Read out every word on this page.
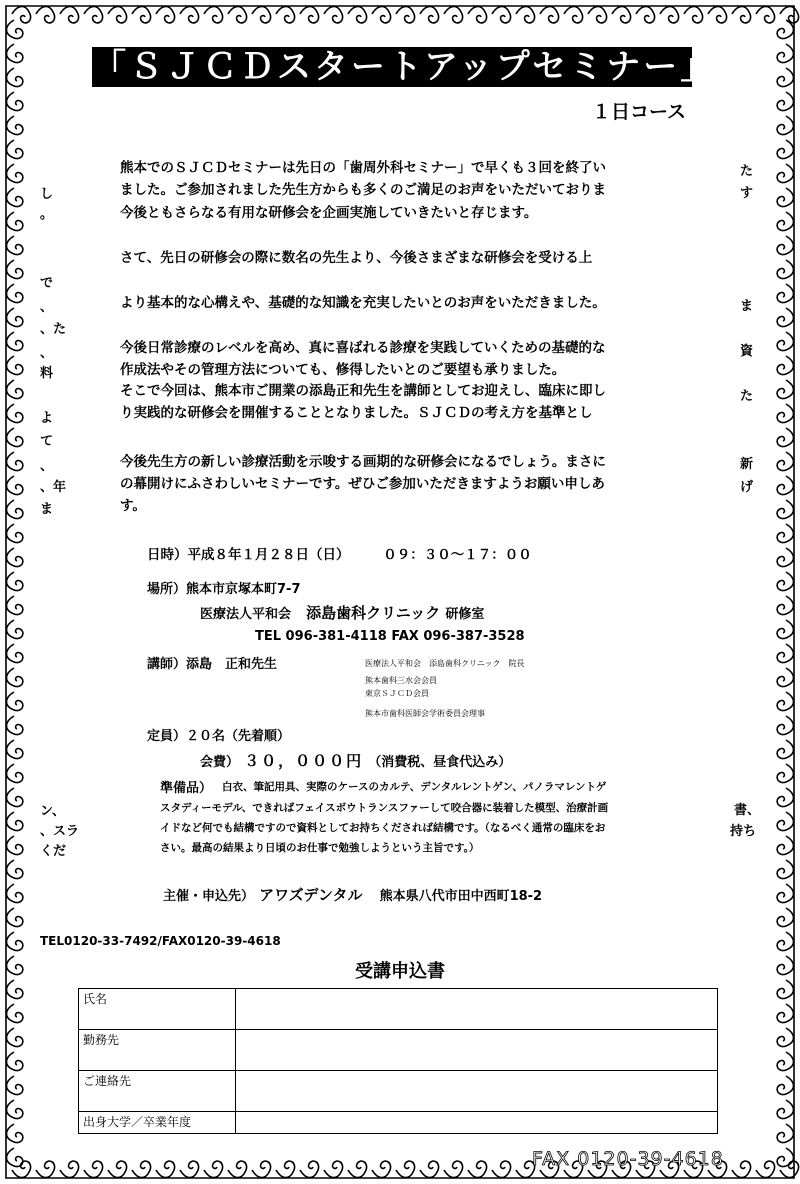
「ＳＪＣＤスタートアップセミナー」
１日コース

熊本でのＳＪＣＤセミナーは先日の「歯周外科セミナー」で早くも３回を終了い

ました。ご参加されました先生方からも多くのご満足のお声をいただいておりま

今後ともさらなる有用な研修会を企画実施していきたいと存じます。

さて、先日の研修会の際に数名の先生より、今後さまざまな研修会を受ける上

より基本的な心構えや、基礎的な知識を充実したいとのお声をいただきました。

今後日常診療のレベルを高め、真に喜ばれる診療を実践していくための基礎的な

作成法やその管理方法についても、修得したいとのご要望も承りました。

そこで今回は、熊本市ご開業の添島正和先生を講師としてお迎えし、臨床に即し

り実践的な研修会を開催することとなりました。ＳＪＣＤの考え方を基準とし

今後先生方の新しい診療活動を示唆する画期的な研修会になるでしょう。まさに

の幕開けにふさわしいセミナーです。ぜひご参加いただきますようお願い申しあ

す。

た
す
ま
資
た
新
げ
書、
持ち
し
。
で
、
、た
、
料
よ
て
、
、年
ま
ン、
、スラ
くだ
日時）平成８年１月２８日（日）　　　０９：３０〜１７：００
場所）熊本市京塚本町7-7
医療法人平和会 添島歯科クリニック 研修室
TEL 096-381-4118 FAX 096-387-3528
講師）添島　正和先生	医療法人平和会　添島歯科クリニック　院長
熊本歯科三水会会員
東京ＳＪＣＤ会員
熊本市歯科医師会学術委員会理事
定員）２０名（先着順）
会費） ３０，０００円 （消費税、昼食代込み）
準備品） 白衣、筆記用具、実際のケースのカルテ、デンタルレントゲン、パノラマレントゲ
スタディーモデル、できればフェイスボウトランスファーして咬合器に装着した模型、治療計画
イドなど何でも結構ですので資料としてお持ちくだされば結構です。（なるべく通常の臨床をお
さい。最高の結果より日頃のお仕事で勉強しようという主旨です。）
主催・申込先） アワズデンタル 熊本県八代市田中西町18-2
TEL0120-33-7492/FAX0120-39-4618
受講申込書
氏名	
勤務先	
ご連絡先	
出身大学／卒業年度	
FAX 0120-39-4618
